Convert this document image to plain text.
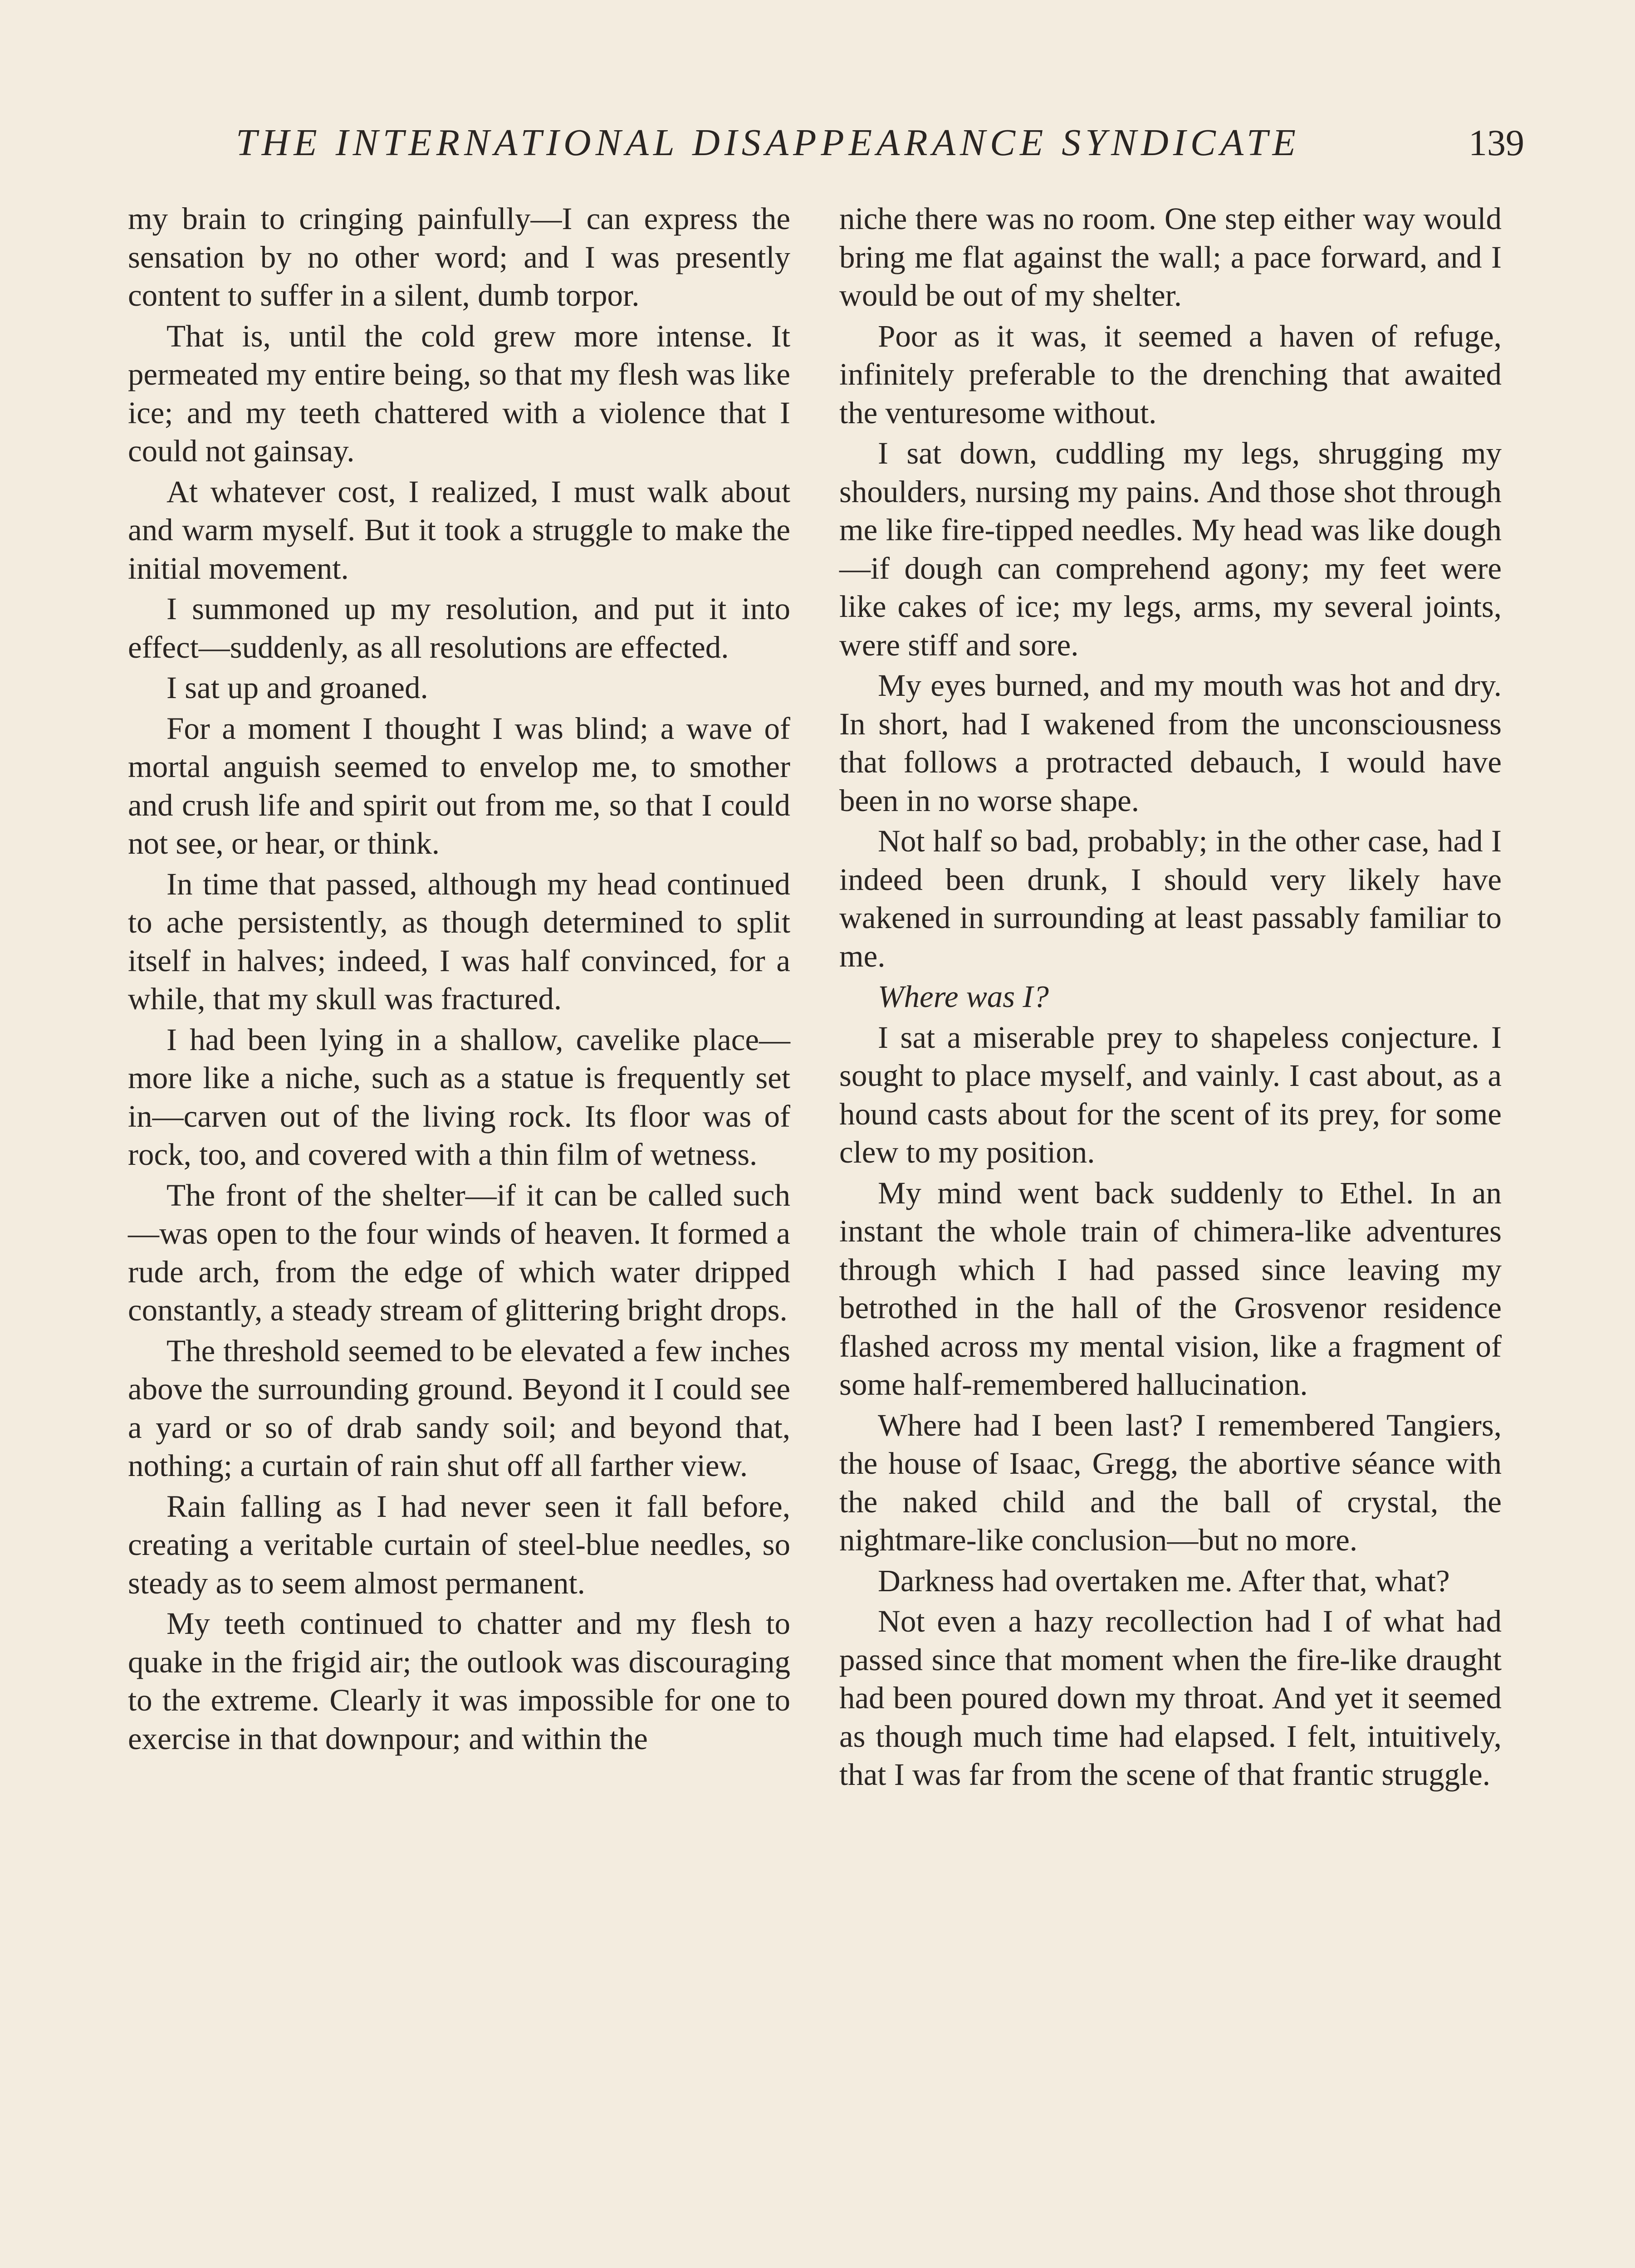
THE INTERNATIONAL DISAPPEARANCE SYNDICATE	139

my brain to cringing painfully—I can express the sensation by no other word; and I was presently content to suffer in a silent, dumb torpor.

That is, until the cold grew more intense. It permeated my entire being, so that my flesh was like ice; and my teeth chattered with a violence that I could not gainsay.

At whatever cost, I realized, I must walk about and warm myself. But it took a struggle to make the initial movement.

I summoned up my resolution, and put it into effect—suddenly, as all resolutions are effected.

I sat up and groaned.

For a moment I thought I was blind; a wave of mortal anguish seemed to envelop me, to smother and crush life and spirit out from me, so that I could not see, or hear, or think.

In time that passed, although my head continued to ache persistently, as though determined to split itself in halves; indeed, I was half convinced, for a while, that my skull was fractured.

I had been lying in a shallow, cavelike place—more like a niche, such as a statue is frequently set in—carven out of the living rock. Its floor was of rock, too, and covered with a thin film of wetness.

The front of the shelter—if it can be called such—was open to the four winds of heaven. It formed a rude arch, from the edge of which water dripped constantly, a steady stream of glittering bright drops.

The threshold seemed to be elevated a few inches above the surrounding ground. Beyond it I could see a yard or so of drab sandy soil; and beyond that, nothing; a curtain of rain shut off all farther view.

Rain falling as I had never seen it fall before, creating a veritable curtain of steel-blue needles, so steady as to seem almost permanent.

My teeth continued to chatter and my flesh to quake in the frigid air; the outlook was discouraging to the extreme. Clearly it was impossible for one to exercise in that downpour; and within the

niche there was no room. One step either way would bring me flat against the wall; a pace forward, and I would be out of my shelter.

Poor as it was, it seemed a haven of refuge, infinitely preferable to the drenching that awaited the venturesome without.

I sat down, cuddling my legs, shrugging my shoulders, nursing my pains. And those shot through me like fire-tipped needles. My head was like dough —if dough can comprehend agony; my feet were like cakes of ice; my legs, arms, my several joints, were stiff and sore.

My eyes burned, and my mouth was hot and dry. In short, had I wakened from the unconsciousness that follows a protracted debauch, I would have been in no worse shape.

Not half so bad, probably; in the other case, had I indeed been drunk, I should very likely have wakened in surrounding at least passably familiar to me.

Where was I?

I sat a miserable prey to shapeless conjecture. I sought to place myself, and vainly. I cast about, as a hound casts about for the scent of its prey, for some clew to my position.

My mind went back suddenly to Ethel. In an instant the whole train of chimera-like adventures through which I had passed since leaving my betrothed in the hall of the Grosvenor residence flashed across my mental vision, like a fragment of some half-remembered hallucination.

Where had I been last? I remembered Tangiers, the house of Isaac, Gregg, the abortive séance with the naked child and the ball of crystal, the nightmare-like conclusion—but no more.

Darkness had overtaken me. After that, what?

Not even a hazy recollection had I of what had passed since that moment when the fire-like draught had been poured down my throat. And yet it seemed as though much time had elapsed. I felt, intuitively, that I was far from the scene of that frantic struggle.
